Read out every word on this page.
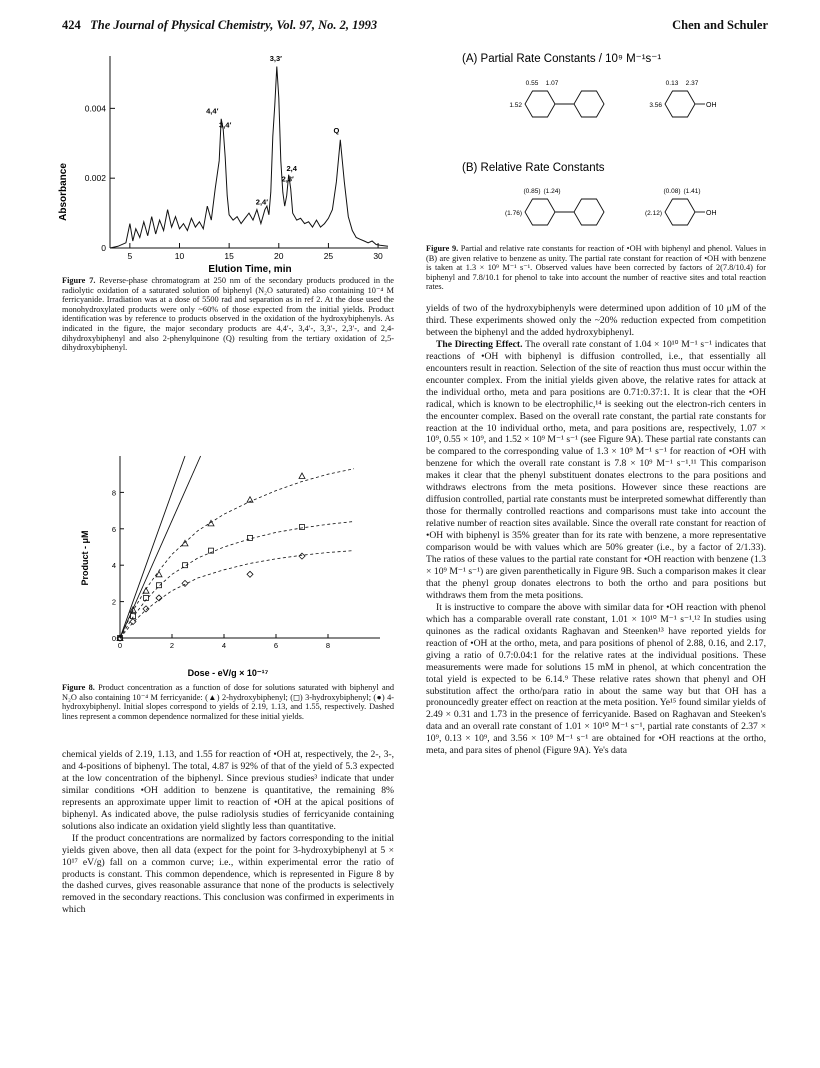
424 The Journal of Physical Chemistry, Vol. 97, No. 2, 1993	Chen and Schuler
5	10	15	20	25	30
0
0.002
0.004
3,3′
4,4′
3,4′
Q
2,4
2,3′
2,4′
Elution Time, min
Absorbance
Figure 7. Reverse-phase chromatogram at 250 nm of the secondary products produced in the radiolytic oxidation of a saturated solution of biphenyl (N₂O saturated) also containing 10⁻⁴ M ferricyanide. Irradiation was at a dose of 5500 rad and separation as in ref 2. At the dose used the monohydroxylated products were only ~60% of those expected from the initial yields. Product identification was by reference to products observed in the oxidation of the hydroxybiphenyls. As indicated in the figure, the major secondary products are 4,4′-, 3,4′-, 3,3′-, 2,3′-, and 2,4-dihydroxybiphenyl and also 2-phenylquinone (Q) resulting from the tertiary oxidation of 2,5-dihydroxybiphenyl.
0	2	4	6	8
0
2
4
6
8
Dose - eV/g × 10⁻¹⁷
Product - μM
Figure 8. Product concentration as a function of dose for solutions saturated with biphenyl and N₂O also containing 10⁻⁴ M ferricyanide: (▲) 2-hydroxybiphenyl; (◻) 3-hydroxybiphenyl; (●) 4-hydroxybiphenyl. Initial slopes correspond to yields of 2.19, 1.13, and 1.55, respectively. Dashed lines represent a common dependence normalized for these initial yields.

chemical yields of 2.19, 1.13, and 1.55 for reaction of •OH at, respectively, the 2-, 3-, and 4-positions of biphenyl. The total, 4.87 is 92% of that of the yield of 5.3 expected at the low concentration of the biphenyl. Since previous studies³ indicate that under similar conditions •OH addition to benzene is quantitative, the remaining 8% represents an approximate upper limit to reaction of •OH at the apical positions of biphenyl. As indicated above, the pulse radiolysis studies of ferricyanide containing solutions also indicate an oxidation yield slightly less than quantitative.

If the product concentrations are normalized by factors corresponding to the initial yields given above, then all data (expect for the point for 3-hydroxybiphenyl at 5 × 10¹⁷ eV/g) fall on a common curve; i.e., within experimental error the ratio of products is constant. This common dependence, which is represented in Figure 8 by the dashed curves, gives reasonable assurance that none of the products is selectively removed in the secondary reactions. This conclusion was confirmed in experiments in which

(A) Partial Rate Constants / 10⁹ M⁻¹s⁻¹
(B) Relative Rate Constants
1.52
0.55 1.07
OH
3.56
0.13 2.37
(1.76)
(0.85) (1.24)
OH
(2.12)
(0.08) (1.41)
Figure 9. Partial and relative rate constants for reaction of •OH with biphenyl and phenol. Values in (B) are given relative to benzene as unity. The partial rate constant for reaction of •OH with benzene is taken at 1.3 × 10⁹ M⁻¹ s⁻¹. Observed values have been corrected by factors of 2(7.8/10.4) for biphenyl and 7.8/10.1 for phenol to take into account the number of reactive sites and total reaction rates.

yields of two of the hydroxybiphenyls were determined upon addition of 10 μM of the third. These experiments showed only the ~20% reduction expected from competition between the biphenyl and the added hydroxybiphenyl.

The Directing Effect. The overall rate constant of 1.04 × 10¹⁰ M⁻¹ s⁻¹ indicates that reactions of •OH with biphenyl is diffusion controlled, i.e., that essentially all encounters result in reaction. Selection of the site of reaction thus must occur within the encounter complex. From the initial yields given above, the relative rates for attack at the individual ortho, meta and para positions are 0.71:0.37:1. It is clear that the •OH radical, which is known to be electrophilic,¹⁴ is seeking out the electron-rich centers in the encounter complex. Based on the overall rate constant, the partial rate constants for reaction at the 10 individual ortho, meta, and para positions are, respectively, 1.07 × 10⁹, 0.55 × 10⁹, and 1.52 × 10⁹ M⁻¹ s⁻¹ (see Figure 9A). These partial rate constants can be compared to the corresponding value of 1.3 × 10⁹ M⁻¹ s⁻¹ for reaction of •OH with benzene for which the overall rate constant is 7.8 × 10⁹ M⁻¹ s⁻¹.¹¹ This comparison makes it clear that the phenyl substituent donates electrons to the para positions and withdraws electrons from the meta positions. However since these reactions are diffusion controlled, partial rate constants must be interpreted somewhat differently than those for thermally controlled reactions and comparisons must take into account the relative number of reaction sites available. Since the overall rate constant for reaction of •OH with biphenyl is 35% greater than for its rate with benzene, a more representative comparison would be with values which are 50% greater (i.e., by a factor of 2/1.33). The ratios of these values to the partial rate constant for •OH reaction with benzene (1.3 × 10⁹ M⁻¹ s⁻¹) are given parenthetically in Figure 9B. Such a comparison makes it clear that the phenyl group donates electrons to both the ortho and para positions but withdraws them from the meta positions.

It is instructive to compare the above with similar data for •OH reaction with phenol which has a comparable overall rate constant, 1.01 × 10¹⁰ M⁻¹ s⁻¹.¹² In studies using quinones as the radical oxidants Raghavan and Steenken¹³ have reported yields for reaction of •OH at the ortho, meta, and para positions of phenol of 2.88, 0.16, and 2.17, giving a ratio of 0.7:0.04:1 for the relative rates at the individual positions. These measurements were made for solutions 15 mM in phenol, at which concentration the total yield is expected to be 6.14.⁹ These relative rates shown that phenyl and OH substitution affect the ortho/para ratio in about the same way but that OH has a pronouncedly greater effect on reaction at the meta position. Ye¹⁵ found similar yields of 2.49 × 0.31 and 1.73 in the presence of ferricyanide. Based on Raghavan and Steeken's data and an overall rate constant of 1.01 × 10¹⁰ M⁻¹ s⁻¹, partial rate constants of 2.37 × 10⁹, 0.13 × 10⁹, and 3.56 × 10⁹ M⁻¹ s⁻¹ are obtained for •OH reactions at the ortho, meta, and para sites of phenol (Figure 9A). Ye's data
